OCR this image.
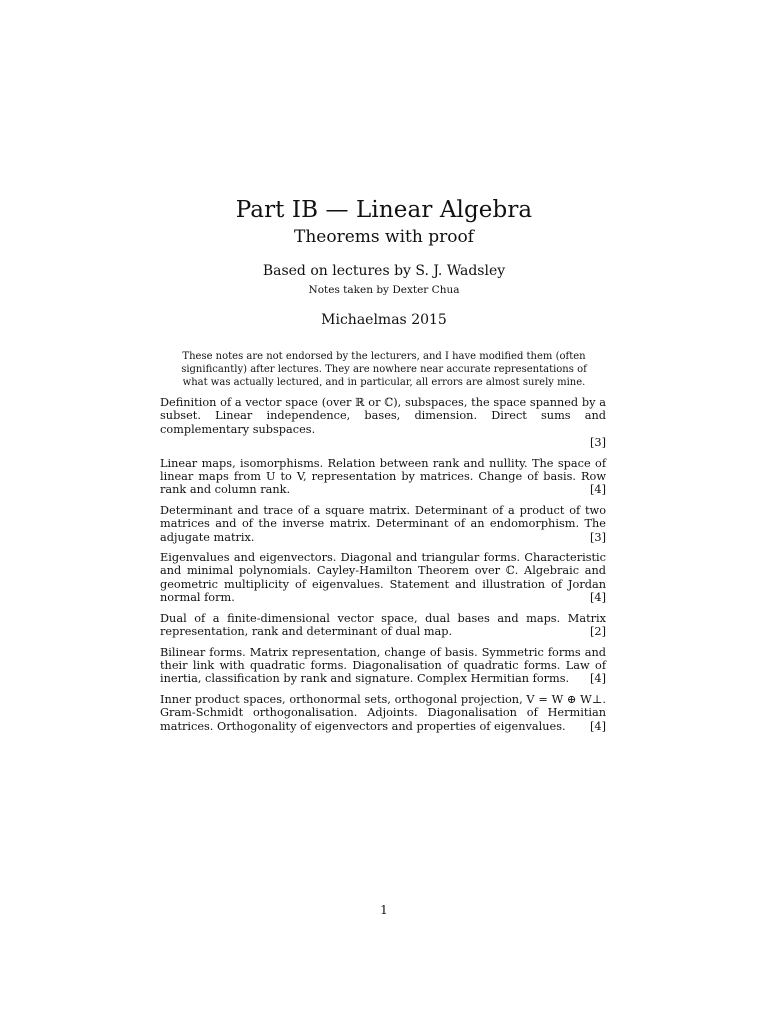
Part IB — Linear Algebra
Theorems with proof
Based on lectures by S. J. Wadsley
Notes taken by Dexter Chua
Michaelmas 2015
These notes are not endorsed by the lecturers, and I have modified them (often significantly) after lectures. They are nowhere near accurate representations of what was actually lectured, and in particular, all errors are almost surely mine.

Definition of a vector space (over ℝ or ℂ), subspaces, the space spanned by a subset. Linear independence, bases, dimension. Direct sums and complementary subspaces.
[3]

Linear maps, isomorphisms. Relation between rank and nullity. The space of linear maps from U to V, representation by matrices. Change of basis. Row rank and column rank.	[4]

Determinant and trace of a square matrix. Determinant of a product of two matrices and of the inverse matrix. Determinant of an endomorphism. The adjugate matrix.	[3]

Eigenvalues and eigenvectors. Diagonal and triangular forms. Characteristic and minimal polynomials. Cayley-Hamilton Theorem over ℂ. Algebraic and geometric multiplicity of eigenvalues. Statement and illustration of Jordan normal form.	[4]

Dual of a finite-dimensional vector space, dual bases and maps. Matrix representation, rank and determinant of dual map.	[2]

Bilinear forms. Matrix representation, change of basis. Symmetric forms and their link with quadratic forms. Diagonalisation of quadratic forms. Law of inertia, classification by rank and signature. Complex Hermitian forms. [4]

Inner product spaces, orthonormal sets, orthogonal projection, V = W ⊕ W⊥. Gram-Schmidt orthogonalisation. Adjoints. Diagonalisation of Hermitian matrices. Orthogonality of eigenvectors and properties of eigenvalues. [4]

1
